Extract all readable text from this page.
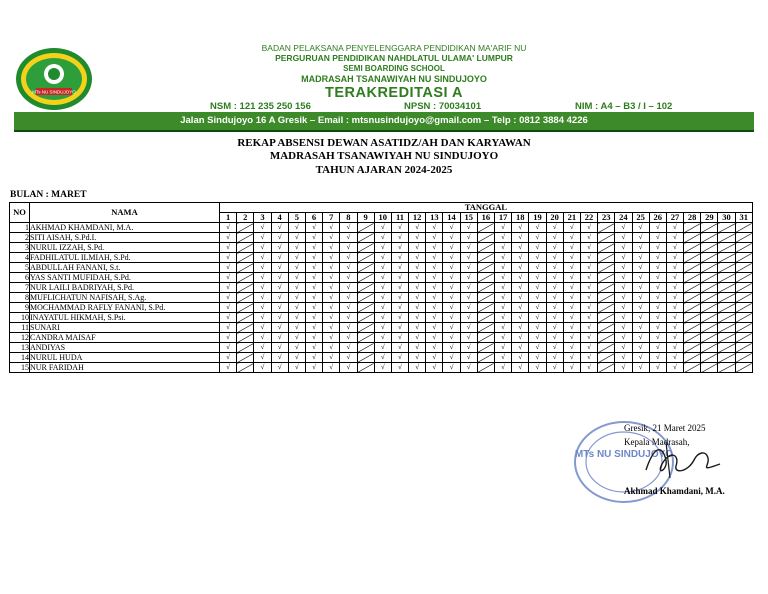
MTs NU SINDUJOYO
BADAN PELAKSANA PENYELENGGARA PENDIDIKAN MA'ARIF NU
PERGURUAN PENDIDIKAN NAHDLATUL ULAMA' LUMPUR
SEMI BOARDING SCHOOL
MADRASAH TSANAWIYAH NU SINDUJOYO
TERAKREDITASI A
NSM : 121 235 250 156	NPSN : 70034101	NIM : A4 – B3 / I – 102
Jalan Sindujoyo 16 A Gresik – Email : mtsnusindujoyo@gmail.com – Telp : 0812 3884 4226
REKAP ABSENSI DEWAN ASATIDZ/AH DAN KARYAWAN
MADRASAH TSANAWIYAH NU SINDUJOYO
TAHUN AJARAN 2024-2025
BULAN : MARET
NO	NAMA	TANGGAL																														
		1	2	3	4	5	6	7	8	9	10	11	12	13	14	15	16	17	18	19	20	21	22	23	24	25	26	27	28	29	30	31
1	AKHMAD KHAMDANI, M.A.	√		√	√	√	√	√	√		√	√	√	√	√	√		√	√	√	√	√	√		√	√	√	√				
2	SITI AISAH, S.Pd.I.	√		√	√	√	√	√	√		√	√	√	√	√	√		√	√	√	√	√	√		√	√	√	√				
3	NURUL IZZAH, S.Pd.	√		√	√	√	√	√	√		√	√	√	√	√	√		√	√	√	√	√	√		√	√	√	√				
4	FADHILATUL ILMIAH, S.Pd.	√		√	√	√	√	√	√		√	√	√	√	√	√		√	√	√	√	√	√		√	√	√	√				
5	ABDULLAH FANANI, S.t.	√		√	√	√	√	√	√		√	√	√	√	√	√		√	√	√	√	√	√		√	√	√	√				
6	YAS SANTI MUFIDAH, S.Pd.	√		√	√	√	√	√	√		√	√	√	√	√	√		√	√	√	√	√	√		√	√	√	√				
7	NUR LAILI BADRIYAH, S.Pd.	√		√	√	√	√	√	√		√	√	√	√	√	√		√	√	√	√	√	√		√	√	√	√				
8	MUFLICHATUN NAFISAH, S.Ag.	√		√	√	√	√	√	√		√	√	√	√	√	√		√	√	√	√	√	√		√	√	√	√				
9	MOCHAMMAD RAFLY FANANI, S.Pd.	√		√	√	√	√	√	√		√	√	√	√	√	√		√	√	√	√	√	√		√	√	√	√				
10	INAYATUL HIKMAH, S.Psi.	√		√	√	√	√	√	√		√	√	√	√	√	√		√	√	√	√	√	√		√	√	√	√				
11	SUNARI	√		√	√	√	√	√	√		√	√	√	√	√	√		√	√	√	√	√	√		√	√	√	√				
12	CANDRA MAISAF	√		√	√	√	√	√	√		√	√	√	√	√	√		√	√	√	√	√	√		√	√	√	√				
13	ANDIYAS	√		√	√	√	√	√	√		√	√	√	√	√	√		√	√	√	√	√	√		√	√	√	√				
14	NURUL HUDA	√		√	√	√	√	√	√		√	√	√	√	√	√		√	√	√	√	√	√		√	√	√	√				
15	NUR FARIDAH	√		√	√	√	√	√	√		√	√	√	√	√	√		√	√	√	√	√	√		√	√	√	√				
MTs NU SINDUJOYO
Gresik, 21 Maret 2025
Kepala Madrasah,
Akhmad Khamdani, M.A.
